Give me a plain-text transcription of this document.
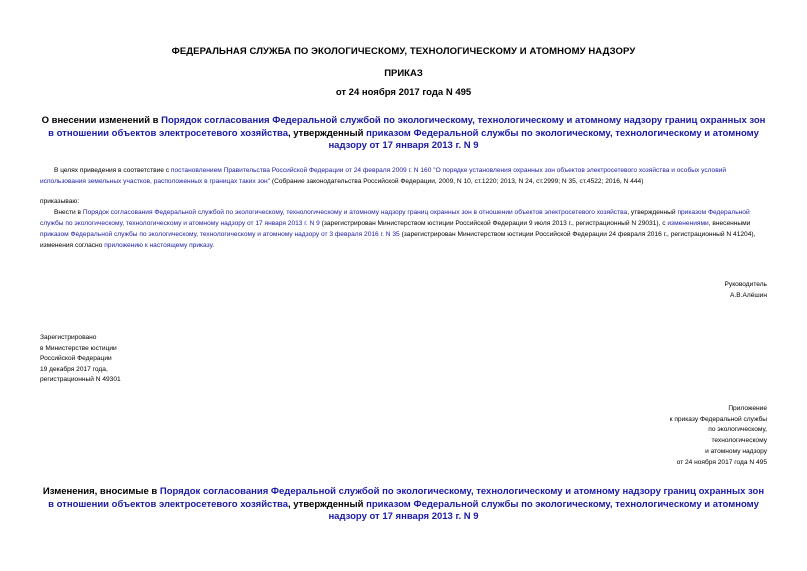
ФЕДЕРАЛЬНАЯ СЛУЖБА ПО ЭКОЛОГИЧЕСКОМУ, ТЕХНОЛОГИЧЕСКОМУ И АТОМНОМУ НАДЗОРУ
ПРИКАЗ
от 24 ноября 2017 года N 495
О внесении изменений в Порядок согласования Федеральной службой по экологическому, технологическому и атомному надзору границ охранных зон в отношении объектов электросетевого хозяйства, утвержденный приказом Федеральной службы по экологическому, технологическому и атомному надзору от 17 января 2013 г. N 9
В целях приведения в соответствие с постановлением Правительства Российской Федерации от 24 февраля 2009 г. N 160 "О порядке установления охранных зон объектов электросетевого хозяйства и особых условий использования земельных участков, расположенных в границах таких зон" (Собрание законодательства Российской Федерации, 2009, N 10, ст.1220; 2013, N 24, ст.2999; N 35, ст.4522; 2016, N 444)
приказываю:
Внести в Порядок согласования Федеральной службой по экологическому, технологическому и атомному надзору границ охранных зон в отношении объектов электросетевого хозяйства, утвержденный приказом Федеральной службы по экологическому, технологическому и атомному надзору от 17 января 2013 г. N 9 (зарегистрирован Министерством юстиции Российской Федерации 9 июля 2013 г., регистрационный N 29031), с изменениями, внесенными приказом Федеральной службы по экологическому, технологическому и атомному надзору от 3 февраля 2016 г. N 35 (зарегистрирован Министерством юстиции Российской Федерации 24 февраля 2016 г., регистрационный N 41204), изменения согласно приложению к настоящему приказу.
Руководитель
А.В.Алёшин
Зарегистрировано
в Министерстве юстиции
Российской Федерации
19 декабря 2017 года,
регистрационный N 49301
Приложение
к приказу Федеральной службы
по экологическому,
технологическому
и атомному надзору
от 24 ноября 2017 года N 495
Изменения, вносимые в Порядок согласования Федеральной службой по экологическому, технологическому и атомному надзору границ охранных зон в отношении объектов электросетевого хозяйства, утвержденный приказом Федеральной службы по экологическому, технологическому и атомному надзору от 17 января 2013 г. N 9
